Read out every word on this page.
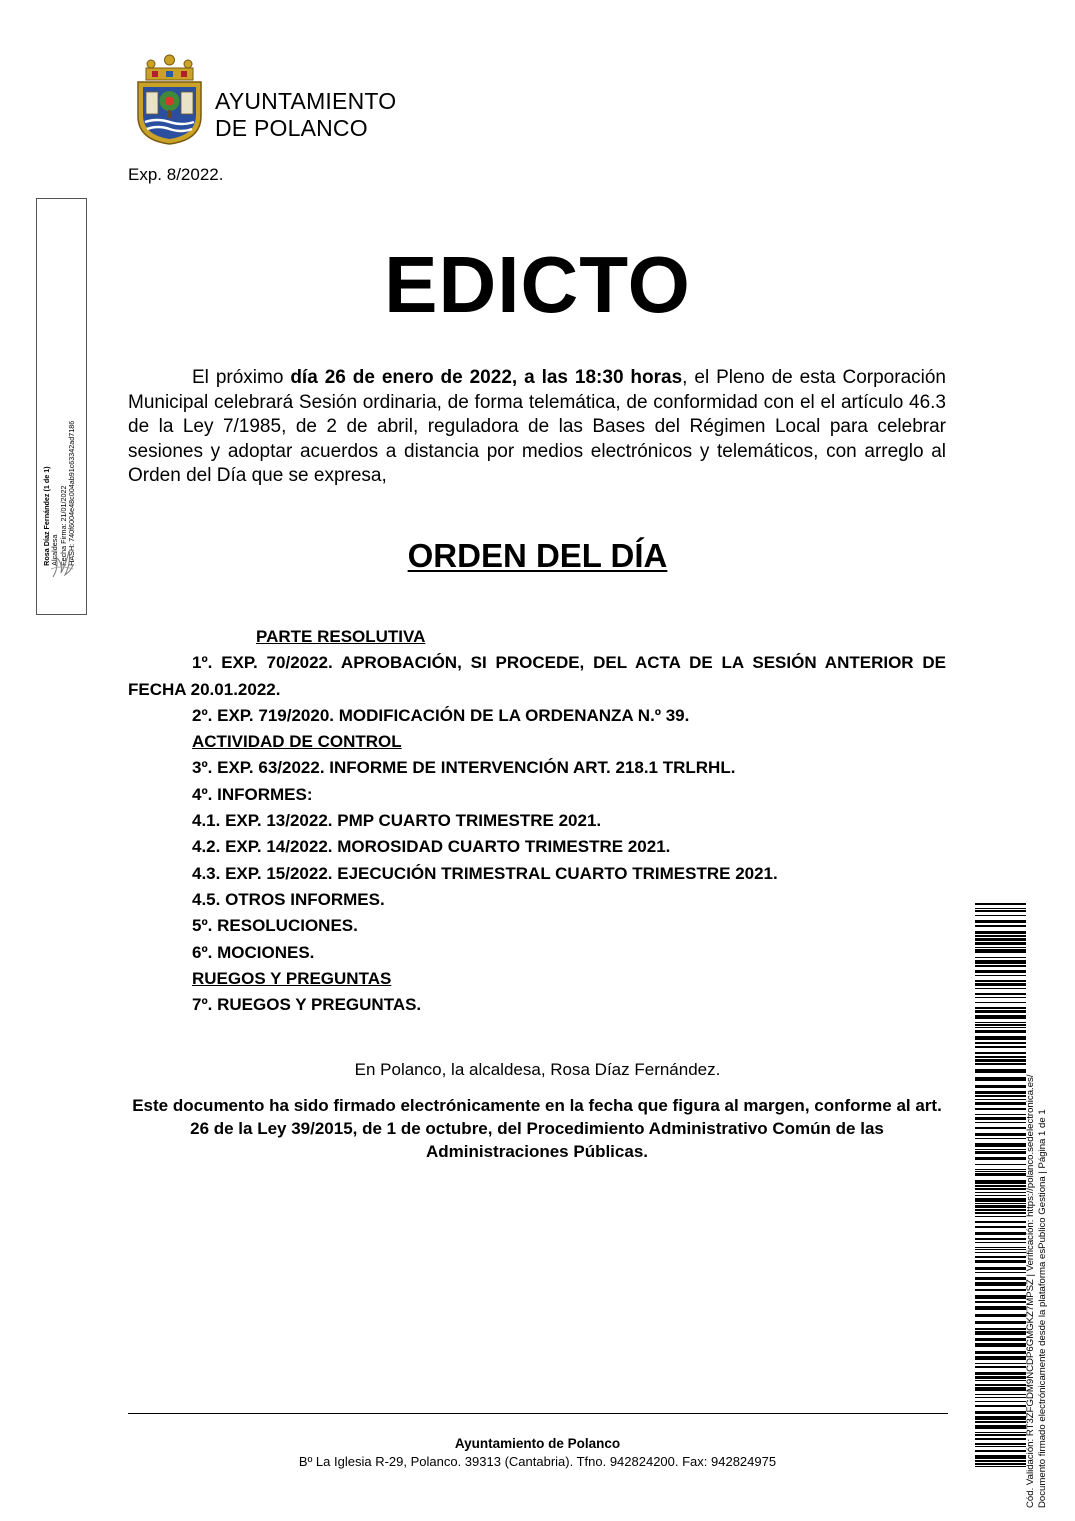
AYUNTAMIENTO
DE POLANCO
Exp. 8/2022.
Rosa Díaz Fernández (1 de 1) Alcaldesa Fecha Firma: 21/01/2022 HASH: 740f6004e48c004ab91c63342ad7186
EDICTO
El próximo día 26 de enero de 2022, a las 18:30 horas, el Pleno de esta Corporación Municipal celebrará Sesión ordinaria, de forma telemática, de conformidad con el el artículo 46.3 de la Ley 7/1985, de 2 de abril, reguladora de las Bases del Régimen Local para celebrar sesiones y adoptar acuerdos a distancia por medios electrónicos y telemáticos, con arreglo al Orden del Día que se expresa,
ORDEN DEL DÍA
PARTE RESOLUTIVA
1º. EXP. 70/2022. APROBACIÓN, SI PROCEDE, DEL ACTA DE LA SESIÓN ANTERIOR DE FECHA 20.01.2022.
2º. EXP. 719/2020. MODIFICACIÓN DE LA ORDENANZA N.º 39.
ACTIVIDAD DE CONTROL
3º. EXP. 63/2022. INFORME DE INTERVENCIÓN ART. 218.1 TRLRHL.
4º. INFORMES:
4.1. EXP. 13/2022. PMP CUARTO TRIMESTRE 2021.
4.2. EXP. 14/2022. MOROSIDAD CUARTO TRIMESTRE 2021.
4.3. EXP. 15/2022. EJECUCIÓN TRIMESTRAL CUARTO TRIMESTRE 2021.
4.5. OTROS INFORMES.
5º. RESOLUCIONES.
6º. MOCIONES.
RUEGOS Y PREGUNTAS
7º. RUEGOS Y PREGUNTAS.
En Polanco, la alcaldesa, Rosa Díaz Fernández.
Este documento ha sido firmado electrónicamente en la fecha que figura al margen, conforme al art. 26 de la Ley 39/2015, de 1 de octubre, del Procedimiento Administrativo Común de las Administraciones Públicas.
Ayuntamiento de Polanco
Bº La Iglesia R-29, Polanco. 39313 (Cantabria). Tfno. 942824200. Fax: 942824975	Cód. Validación: RT3ZFGDM9NCDP6GMGKZ7MPSZ | Verificación: https://polanco.sedelectronica.es/ Documento firmado electrónicamente desde la plataforma esPublico Gestiona | Página 1 de 1
